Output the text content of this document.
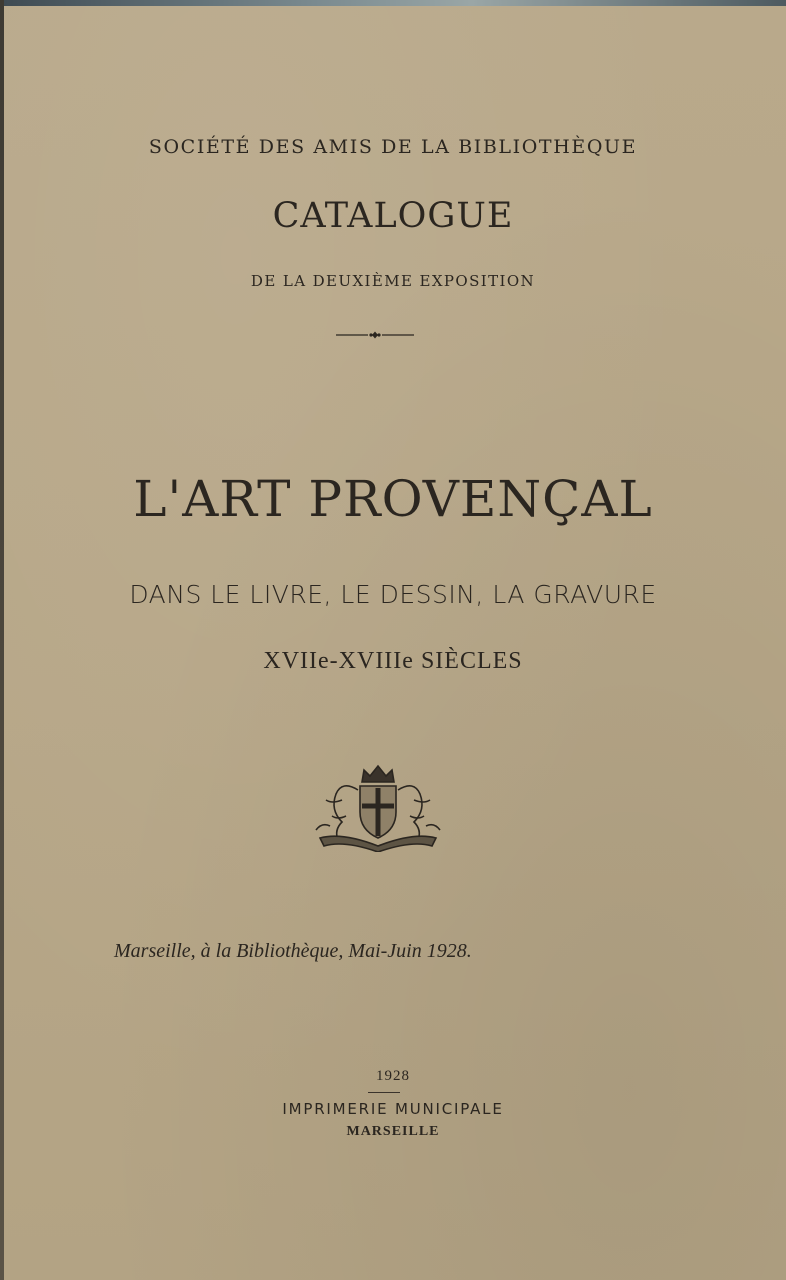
SOCIÉTÉ DES AMIS DE LA BIBLIOTHÈQUE
CATALOGUE
DE LA DEUXIÈME EXPOSITION
L'ART PROVENÇAL
DANS LE LIVRE, LE DESSIN, LA GRAVURE
XVIIe-XVIIIe SIÈCLES
Marseille, à la Bibliothèque, Mai-Juin 1928.
1928
IMPRIMERIE MUNICIPALE
MARSEILLE
